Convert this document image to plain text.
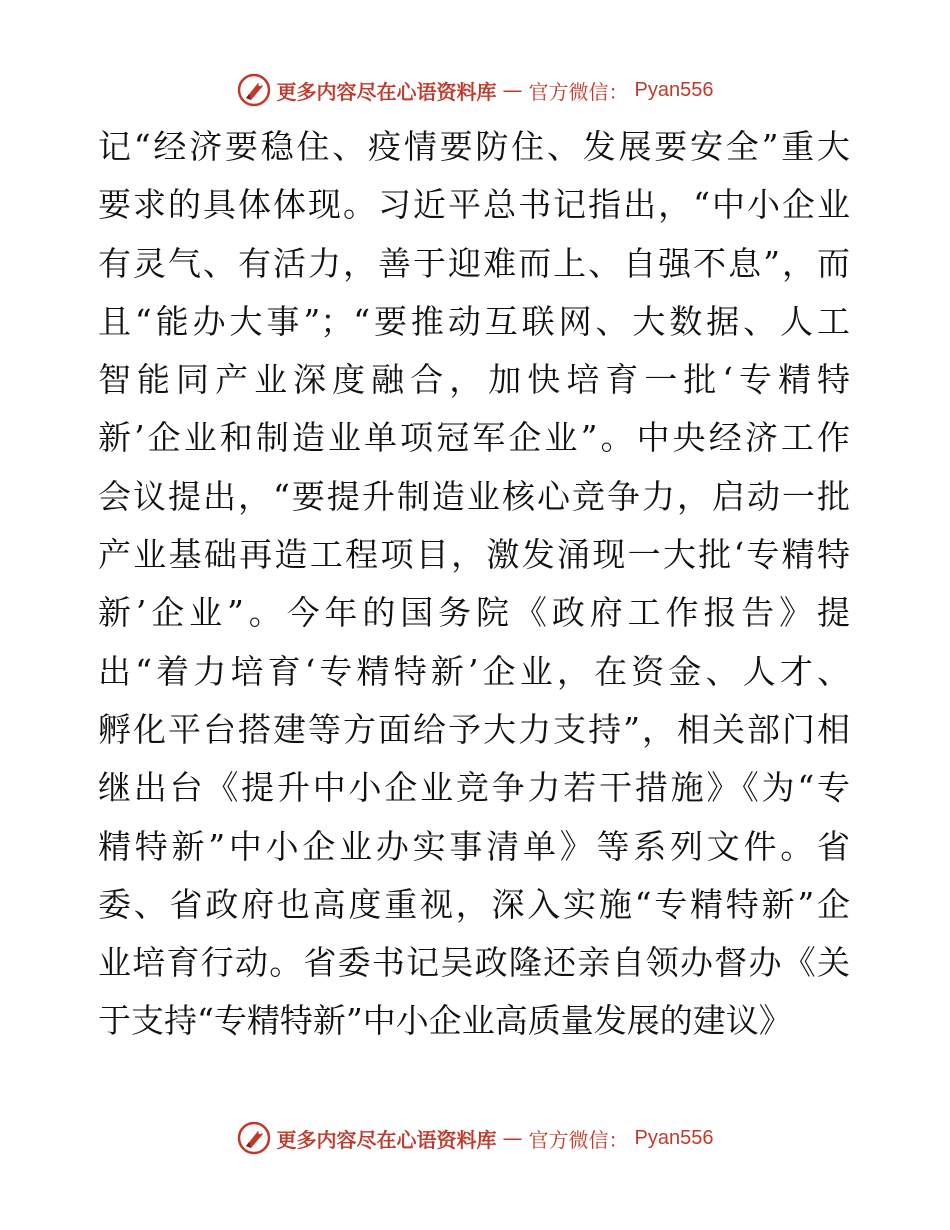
更多内容尽在心语资料库 — 官方微信： Pyan556
记“经济要稳住、疫情要防住、发展要安全”重大
要求的具体体现。习近平总书记指出，“中小企业
有灵气、有活力，善于迎难而上、自强不息”，而
且“能办大事”；“要推动互联网、大数据、人工
智能同产业深度融合，加快培育一批‘专精特
新’企业和制造业单项冠军企业”。中央经济工作
会议提出，“要提升制造业核心竞争力，启动一批
产业基础再造工程项目，激发涌现一大批‘专精特
新’企业”。今年的国务院《政府工作报告》提
出“着力培育‘专精特新’企业，在资金、人才、
孵化平台搭建等方面给予大力支持”，相关部门相
继出台《提升中小企业竞争力若干措施》《为“专
精特新”中小企业办实事清单》等系列文件。省
委、省政府也高度重视，深入实施“专精特新”企
业培育行动。省委书记吴政隆还亲自领办督办《关
于支持“专精特新”中小企业高质量发展的建议》
更多内容尽在心语资料库 — 官方微信： Pyan556
